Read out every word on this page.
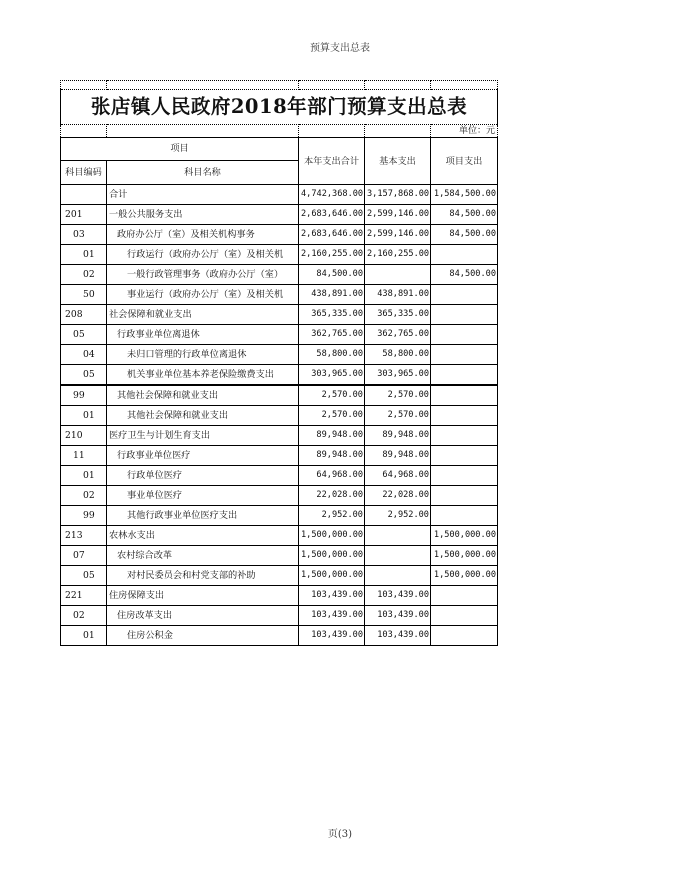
预算支出总表

张店镇人民政府2018年部门预算支出总表				
				单位：元
项目		本年支出合计	基本支出	项目支出
科目编码	科目名称			
	合计	4,742,368.00	3,157,868.00	1,584,500.00
201	一般公共服务支出	2,683,646.00	2,599,146.00	84,500.00
03	政府办公厅（室）及相关机构事务	2,683,646.00	2,599,146.00	84,500.00
01	行政运行（政府办公厅（室）及相关机	2,160,255.00	2,160,255.00	
02	一般行政管理事务（政府办公厅（室）	84,500.00		84,500.00
50	事业运行（政府办公厅（室）及相关机	438,891.00	438,891.00	
208	社会保障和就业支出	365,335.00	365,335.00	
05	行政事业单位离退休	362,765.00	362,765.00	
04	未归口管理的行政单位离退休	58,800.00	58,800.00	
05	机关事业单位基本养老保险缴费支出	303,965.00	303,965.00	
99	其他社会保障和就业支出	2,570.00	2,570.00	
01	其他社会保障和就业支出	2,570.00	2,570.00	
210	医疗卫生与计划生育支出	89,948.00	89,948.00	
11	行政事业单位医疗	89,948.00	89,948.00	
01	行政单位医疗	64,968.00	64,968.00	
02	事业单位医疗	22,028.00	22,028.00	
99	其他行政事业单位医疗支出	2,952.00	2,952.00	
213	农林水支出	1,500,000.00		1,500,000.00
07	农村综合改革	1,500,000.00		1,500,000.00
05	对村民委员会和村党支部的补助	1,500,000.00		1,500,000.00
221	住房保障支出	103,439.00	103,439.00	
02	住房改革支出	103,439.00	103,439.00	
01	住房公积金	103,439.00	103,439.00	
页(3)
